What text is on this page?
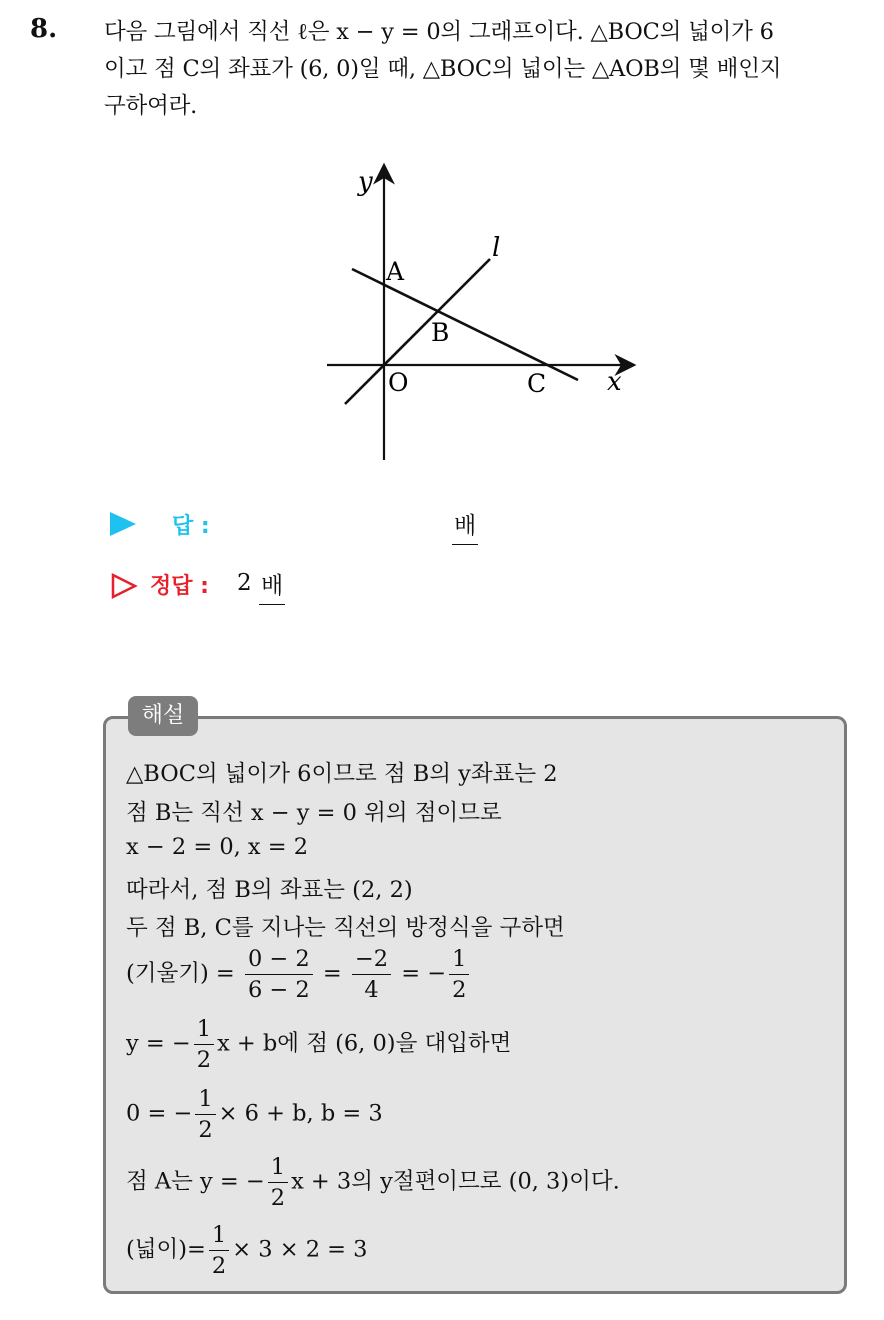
8. 다음 그림에서 직선 ℓ은 x − y = 0의 그래프이다. △BOC의 넓이가 6
이고 점 C의 좌표가 (6, 0)일 때, △BOC의 넓이는 △AOB의 몇 배인지
구하여라.
y
x
l
A
B
O	C
답 :	배
정답 : 2 배
해설
△BOC의 넓이가 6이므로 점 B의 y좌표는 2
점 B는 직선 x − y = 0 위의 점이므로
x − 2 = 0, x = 2
따라서, 점 B의 좌표는 (2, 2)
두 점 B, C를 지나는 직선의 방정식을 구하면
(기울기) = $\frac{0 - 2}{6 - 2} = \frac{-2}{4}$ = − $\frac{1}{2}$
y = − $\frac{1}{2}$ x + b에 점 (6, 0)을 대입하면
0 = − $\frac{1}{2} \times 6 + b$, b = 3
점 A는 y = − $\frac{1}{2}$ x + 3의 y절편이므로 (0, 3)이다.
(넓이)= $\frac{1}{2} \times 3 \times 2 = 3$
